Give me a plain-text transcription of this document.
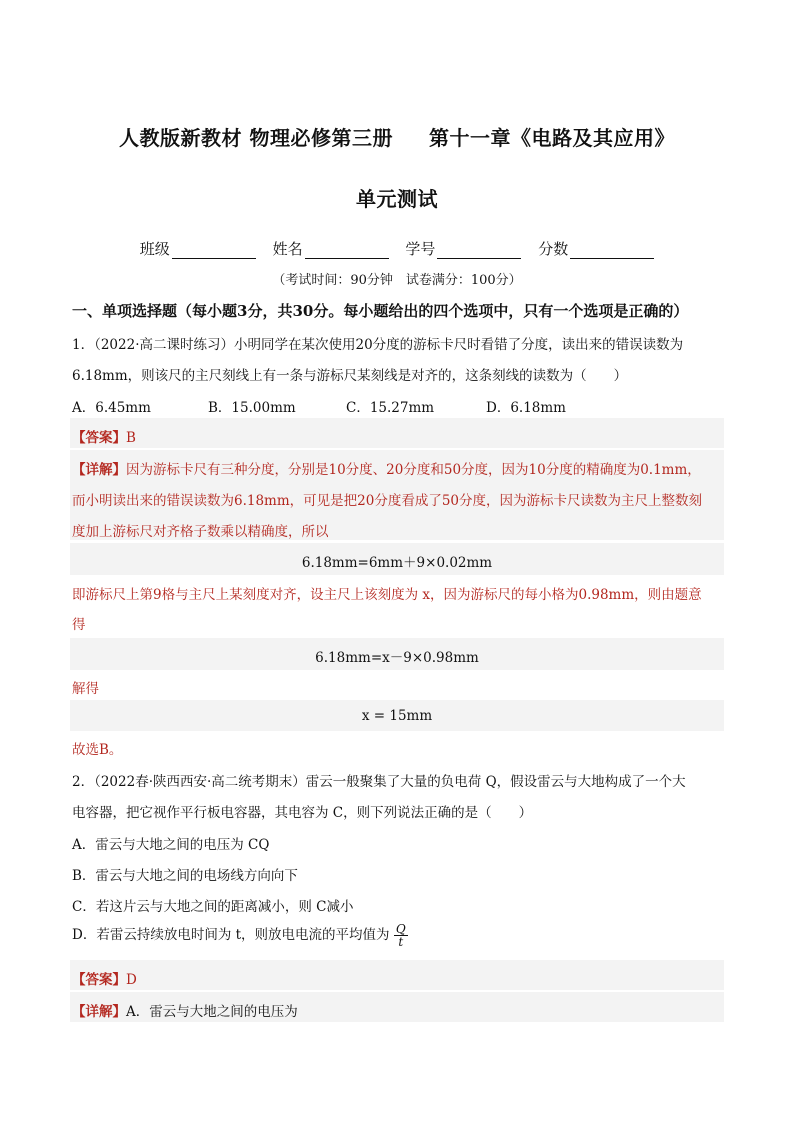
人教版新教材 物理必修第三册 第十一章《电路及其应用》
单元测试
班级	姓名	学号	分数
（考试时间：90分钟　试卷满分：100分）
一、单项选择题（每小题3分，共30分。每小题给出的四个选项中，只有一个选项是正确的）
1．（2022·高二课时练习）小明同学在某次使用20分度的游标卡尺时看错了分度，读出来的错误读数为
6.18mm，则该尺的主尺刻线上有一条与游标尺某刻线是对齐的，这条刻线的读数为（　　）
A．6.45mm	B．15.00mm	C．15.27mm	D．6.18mm
【答案】B
【详解】因为游标卡尺有三种分度，分别是10分度、20分度和50分度，因为10分度的精确度为0.1mm，
而小明读出来的错误读数为6.18mm，可见是把20分度看成了50分度，因为游标卡尺读数为主尺上整数刻
度加上游标尺对齐格子数乘以精确度，所以
6.18mm=6mm＋9×0.02mm
即游标尺上第9格与主尺上某刻度对齐，设主尺上该刻度为 x，因为游标尺的每小格为0.98mm，则由题意
得
6.18mm=x－9×0.98mm
解得
x = 15mm
故选B。
2．（2022春·陕西西安·高二统考期末）雷云一般聚集了大量的负电荷 Q，假设雷云与大地构成了一个大
电容器，把它视作平行板电容器，其电容为 C，则下列说法正确的是（　　）
A．雷云与大地之间的电压为 CQ
B．雷云与大地之间的电场线方向向下
C．若这片云与大地之间的距离减小，则 C减小
D．若雷云持续放电时间为 t，则放电电流的平均值为 $\frac{Q}{t}$
【答案】D
【详解】A．雷云与大地之间的电压为
